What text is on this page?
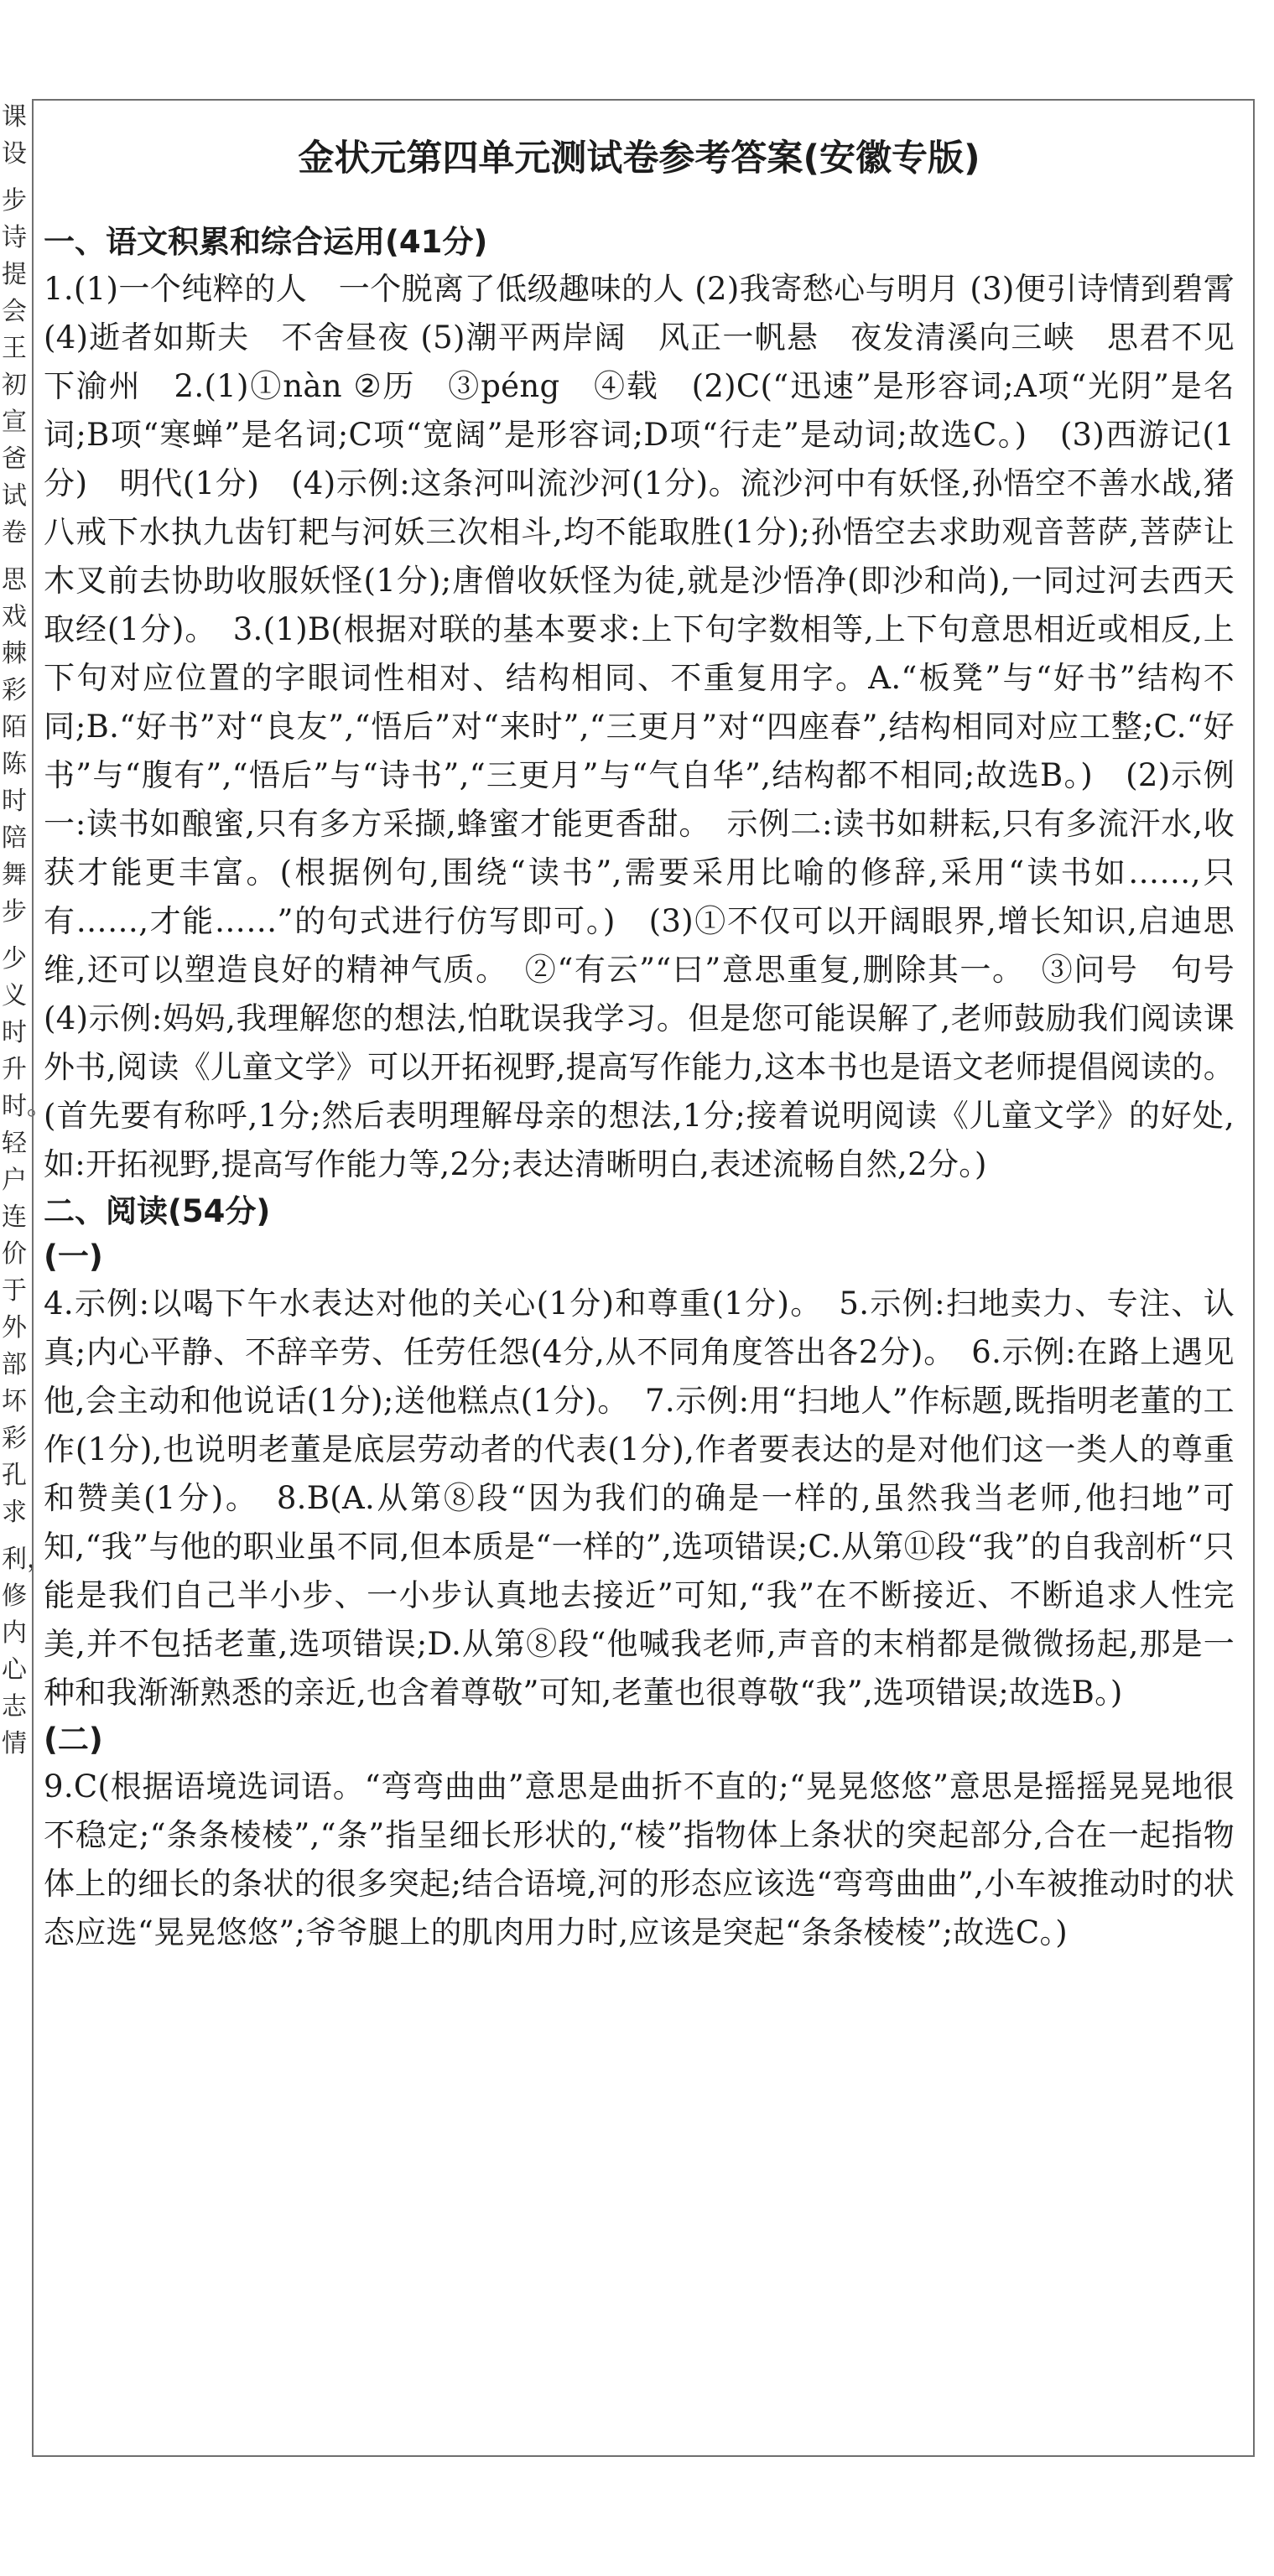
课设
步诗提会王初宣爸试卷
思戏棘彩陌陈时陪舞步
少义时升时。轻户连价于外部坏彩孔求
利，修内心志情
金状元第四单元测试卷参考答案(安徽专版)
一、语文积累和综合运用(41分)

1.(1)一个纯粹的人　一个脱离了低级趣味的人 (2)我寄愁心与明月 (3)便引诗情到碧霄 (4)逝者如斯夫　不舍昼夜 (5)潮平两岸阔　风正一帆悬　夜发清溪向三峡　思君不见下渝州　2.(1)①nàn ②历　③péng　④载　(2)C(“迅速”是形容词;A项“光阴”是名词;B项“寒蝉”是名词;C项“宽阔”是形容词;D项“行走”是动词;故选C。)　(3)西游记(1分)　明代(1分)　(4)示例:这条河叫流沙河(1分)。流沙河中有妖怪,孙悟空不善水战,猪八戒下水执九齿钉耙与河妖三次相斗,均不能取胜(1分);孙悟空去求助观音菩萨,菩萨让木叉前去协助收服妖怪(1分);唐僧收妖怪为徒,就是沙悟净(即沙和尚),一同过河去西天取经(1分)。　3.(1)B(根据对联的基本要求:上下句字数相等,上下句意思相近或相反,上下句对应位置的字眼词性相对、结构相同、不重复用字。A.“板凳”与“好书”结构不同;B.“好书”对“良友”,“悟后”对“来时”,“三更月”对“四座春”,结构相同对应工整;C.“好书”与“腹有”,“悟后”与“诗书”,“三更月”与“气自华”,结构都不相同;故选B。)　(2)示例一:读书如酿蜜,只有多方采撷,蜂蜜才能更香甜。　示例二:读书如耕耘,只有多流汗水,收获才能更丰富。(根据例句,围绕“读书”,需要采用比喻的修辞,采用“读书如……,只有……,才能……”的句式进行仿写即可。)　(3)①不仅可以开阔眼界,增长知识,启迪思维,还可以塑造良好的精神气质。　②“有云”“曰”意思重复,删除其一。　③问号　句号　(4)示例:妈妈,我理解您的想法,怕耽误我学习。但是您可能误解了,老师鼓励我们阅读课外书,阅读《儿童文学》可以开拓视野,提高写作能力,这本书也是语文老师提倡阅读的。(首先要有称呼,1分;然后表明理解母亲的想法,1分;接着说明阅读《儿童文学》的好处,如:开拓视野,提高写作能力等,2分;表达清晰明白,表述流畅自然,2分。)

二、阅读(54分)
(一)

4.示例:以喝下午水表达对他的关心(1分)和尊重(1分)。　5.示例:扫地卖力、专注、认真;内心平静、不辞辛劳、任劳任怨(4分,从不同角度答出各2分)。　6.示例:在路上遇见他,会主动和他说话(1分);送他糕点(1分)。　7.示例:用“扫地人”作标题,既指明老董的工作(1分),也说明老董是底层劳动者的代表(1分),作者要表达的是对他们这一类人的尊重和赞美(1分)。　8.B(A.从第⑧段“因为我们的确是一样的,虽然我当老师,他扫地”可知,“我”与他的职业虽不同,但本质是“一样的”,选项错误;C.从第⑪段“我”的自我剖析“只能是我们自己半小步、一小步认真地去接近”可知,“我”在不断接近、不断追求人性完美,并不包括老董,选项错误;D.从第⑧段“他喊我老师,声音的末梢都是微微扬起,那是一种和我渐渐熟悉的亲近,也含着尊敬”可知,老董也很尊敬“我”,选项错误;故选B。)

(二)

9.C(根据语境选词语。“弯弯曲曲”意思是曲折不直的;“晃晃悠悠”意思是摇摇晃晃地很不稳定;“条条棱棱”,“条”指呈细长形状的,“棱”指物体上条状的突起部分,合在一起指物体上的细长的条状的很多突起;结合语境,河的形态应该选“弯弯曲曲”,小车被推动时的状态应选“晃晃悠悠”;爷爷腿上的肌肉用力时,应该是突起“条条棱棱”;故选C。)
